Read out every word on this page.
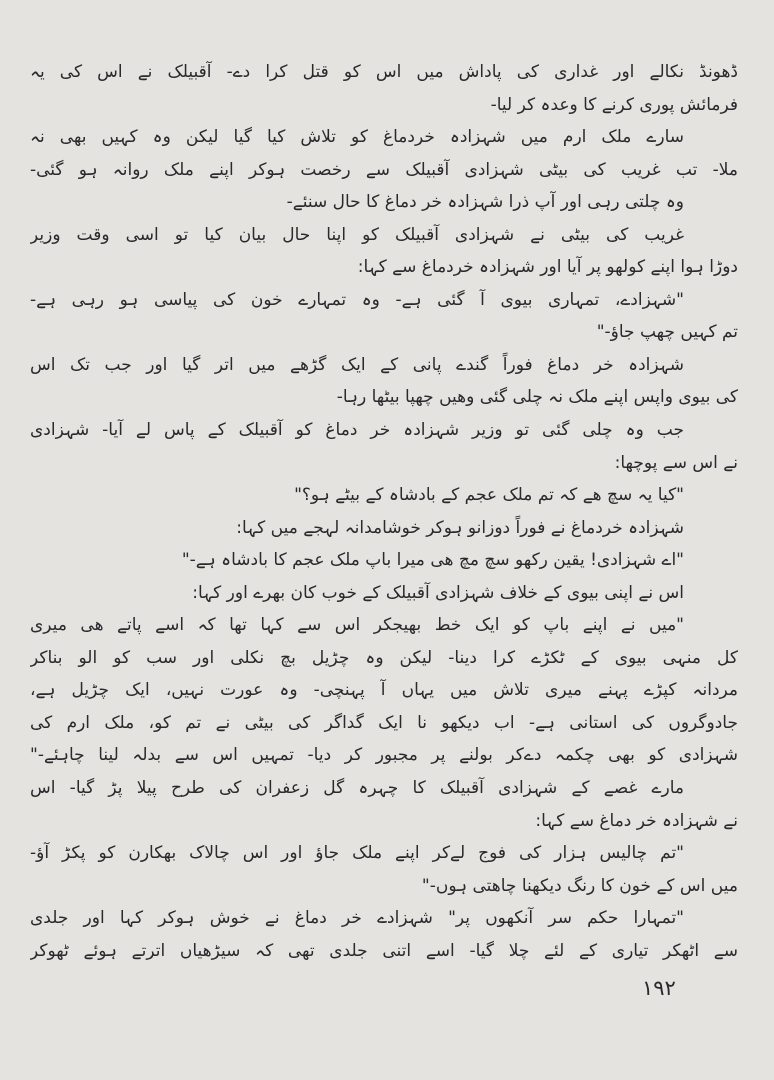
ڈھونڈ نکالے اور غداری کی پاداش میں اس کو قتل کرا دے- آقبیلک نے اس کی یہ
فرمائش پوری کرنے کا وعدہ کر لیا-
سارے ملک ارم میں شہزادہ خردماغ کو تلاش کیا گیا لیکن وہ کہیں بھی نہ
ملا- تب غریب کی بیٹی شہزادی آقبیلک سے رخصت ہوکر اپنے ملک روانہ ہو گئی-
وہ چلتی رہی اور آپ ذرا شہزادہ خر دماغ کا حال سنئے-
غریب کی بیٹی نے شہزادی آقبیلک کو اپنا حال بیان کیا تو اسی وقت وزیر
دوڑا ہوا اپنے کولھو پر آیا اور شہزادہ خردماغ سے کہا:
"شہزادے، تمہاری بیوی آ گئی ہے- وہ تمہارے خون کی پیاسی ہو رہی ہے-
تم کہیں چھپ جاؤ-"
شہزادہ خر دماغ فوراً گندے پانی کے ایک گڑھے میں اتر گیا اور جب تک اس
کی بیوی واپس اپنے ملک نہ چلی گئی وھیں چھپا بیٹھا رہا-
جب وہ چلی گئی تو وزیر شہزادہ خر دماغ کو آقبیلک کے پاس لے آیا- شہزادی
نے اس سے پوچھا:
"کیا یہ سچ ھے کہ تم ملک عجم کے بادشاہ کے بیٹے ہو؟"
شہزادہ خردماغ نے فوراً دوزانو ہوکر خوشامدانہ لہجے میں کہا:
"اے شہزادی! یقین رکھو سچ مچ ھی میرا باپ ملک عجم کا بادشاہ ہے-"
اس نے اپنی بیوی کے خلاف شہزادی آقبیلک کے خوب کان بھرے اور کہا:
"میں نے اپنے باپ کو ایک خط بھیجکر اس سے کہا تھا کہ اسے پاتے ھی میری
کل منہی بیوی کے ٹکڑے کرا دینا- لیکن وہ چڑیل بچ نکلی اور سب کو الو بناکر
مردانہ کپڑے پہنے میری تلاش میں یہاں آ پہنچی- وہ عورت نہیں، ایک چڑیل ہے،
جادوگروں کی استانی ہے- اب دیکھو نا ایک گداگر کی بیٹی نے تم کو، ملک ارم کی
شہزادی کو بھی چکمہ دےکر بولنے پر مجبور کر دیا- تمہیں اس سے بدلہ لینا چاہئے-"
مارے غصے کے شہزادی آقبیلک کا چہرہ گل زعفران کی طرح پیلا پڑ گیا- اس
نے شہزادہ خر دماغ سے کہا:
"تم چالیس ہزار کی فوج لےکر اپنے ملک جاؤ اور اس چالاک بھکارن کو پکڑ آؤ-
میں اس کے خون کا رنگ دیکھنا چاھتی ہوں-"
"تمہارا حکم سر آنکھوں پر" شہزادے خر دماغ نے خوش ہوکر کہا اور جلدی
سے اٹھکر تیاری کے لئے چلا گیا- اسے اتنی جلدی تھی کہ سیڑھیاں اترتے ہوئے ٹھوکر
١٩٢
